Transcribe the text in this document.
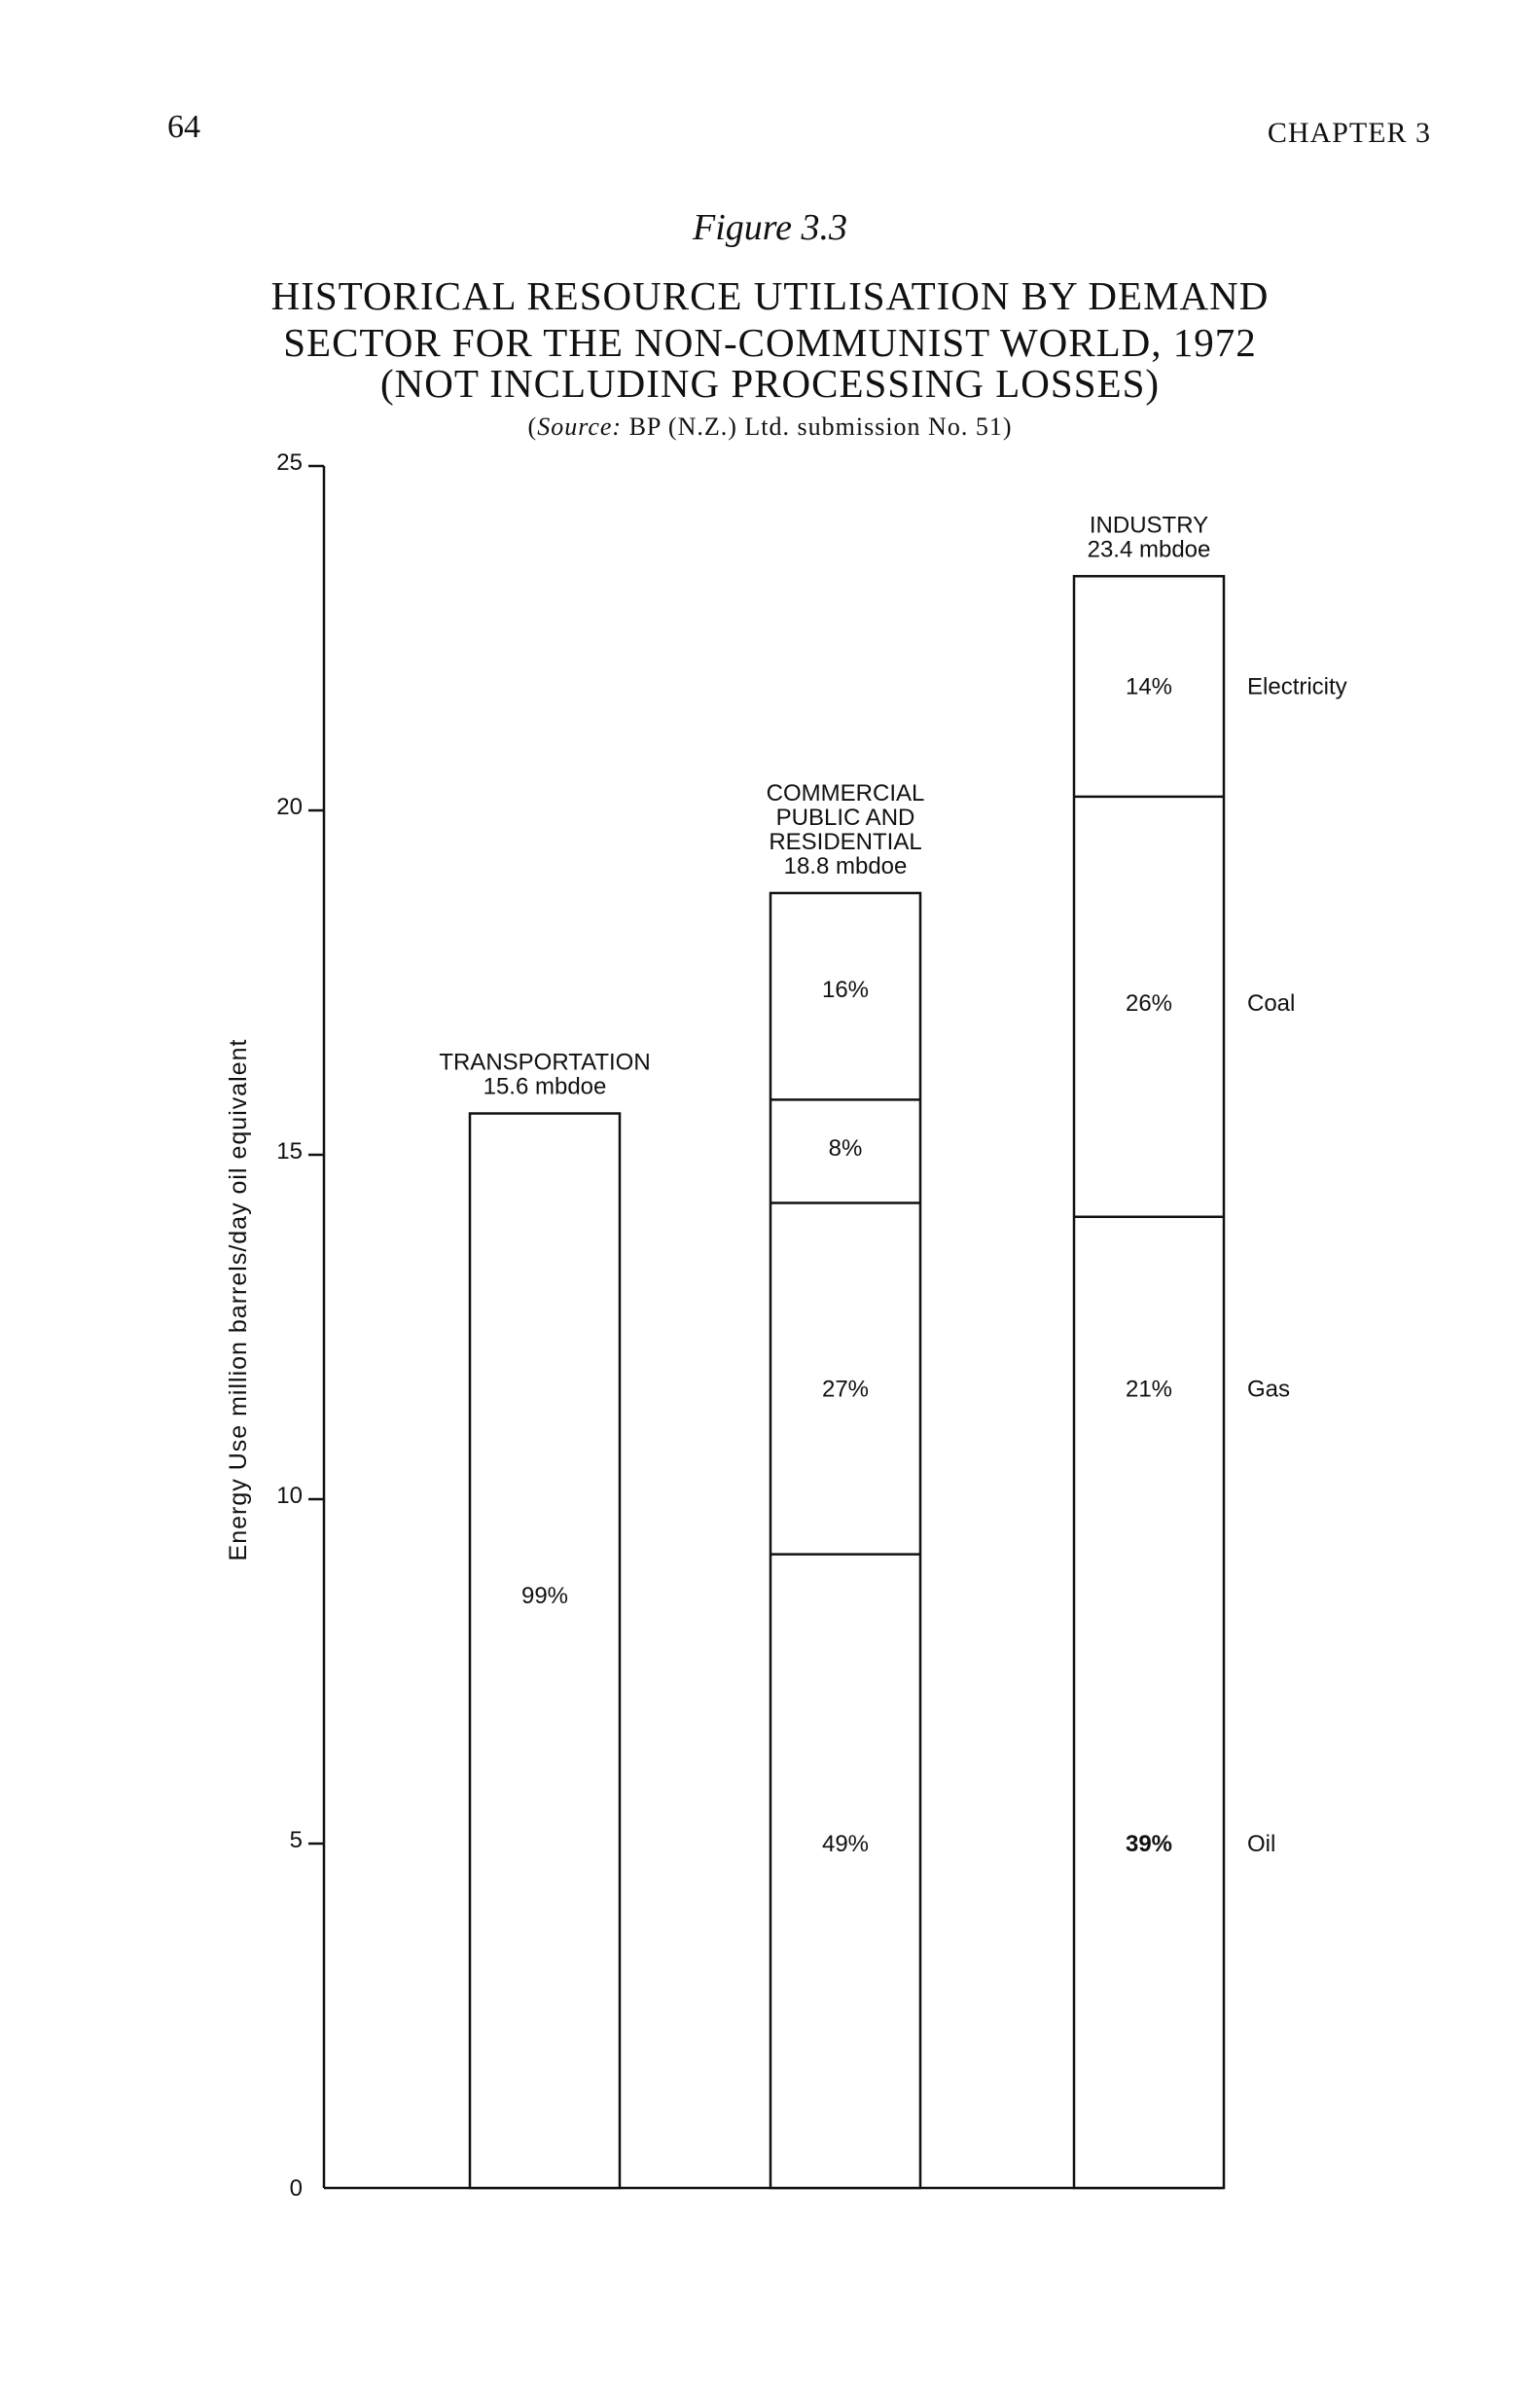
64	CHAPTER 3
Figure 3.3
HISTORICAL RESOURCE UTILISATION BY DEMAND
SECTOR FOR THE NON-COMMUNIST WORLD, 1972
(NOT INCLUDING PROCESSING LOSSES)
(Source: BP (N.Z.) Ltd. submission No. 51)
0
5
10
15
20
25
Energy Use million barrels/day oil equivalent
99%
TRANSPORTATION
15.6 mbdoe
49%
27%
8%
16%
COMMERCIAL
PUBLIC AND
RESIDENTIAL
18.8 mbdoe
39%
21%
26%
14%
INDUSTRY
23.4 mbdoe
Electricity
Coal
Gas
Oil
